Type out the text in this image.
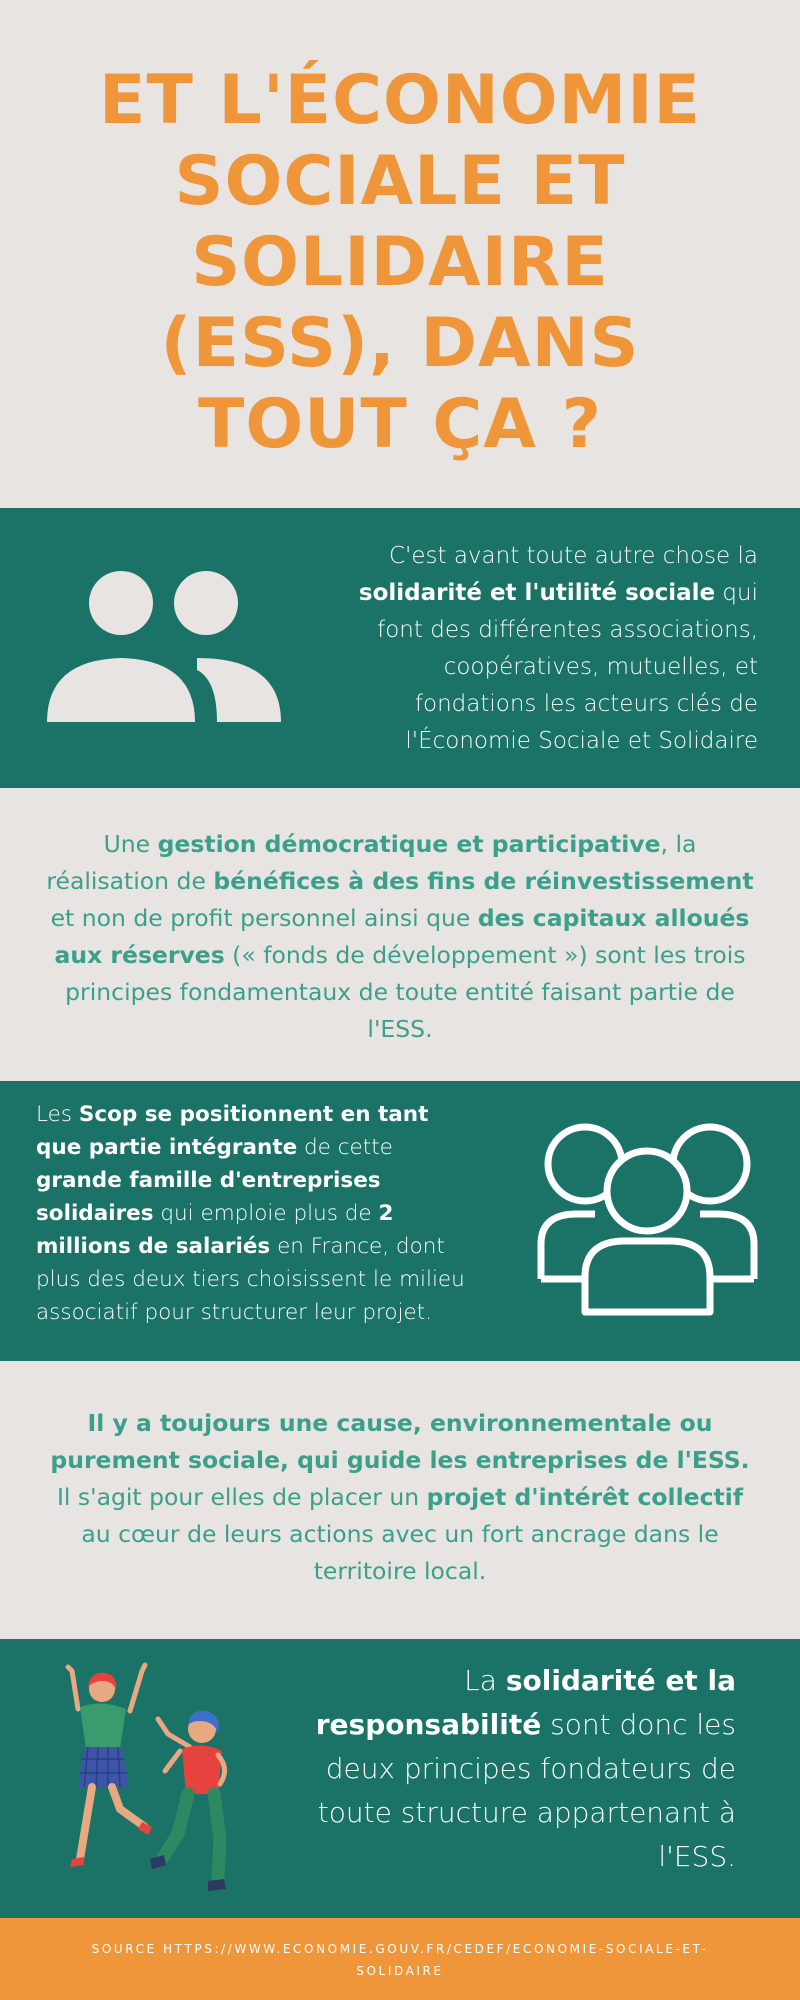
ET L'ÉCONOMIE SOCIALE ET SOLIDAIRE (ESS), DANS TOUT ÇA ?

C'est avant toute autre chose la solidarité et l'utilité sociale qui font des différentes associations, coopératives, mutuelles, et fondations les acteurs clés de l'Économie Sociale et Solidaire

Une gestion démocratique et participative, la réalisation de bénéfices à des fins de réinvestissement et non de profit personnel ainsi que des capitaux alloués aux réserves (« fonds de développement ») sont les trois principes fondamentaux de toute entité faisant partie de l'ESS.

Les Scop se positionnent en tant que partie intégrante de cette grande famille d'entreprises solidaires qui emploie plus de 2 millions de salariés en France, dont plus des deux tiers choisissent le milieu associatif pour structurer leur projet.

Il y a toujours une cause, environnementale ou purement sociale, qui guide les entreprises de l'ESS. Il s'agit pour elles de placer un projet d'intérêt collectif au cœur de leurs actions avec un fort ancrage dans le territoire local.

La solidarité et la responsabilité sont donc les deux principes fondateurs de toute structure appartenant à l'ESS.

SOURCE HTTPS://WWW.ECONOMIE.GOUV.FR/CEDEF/ECONOMIE-SOCIALE-ET-SOLIDAIRE
